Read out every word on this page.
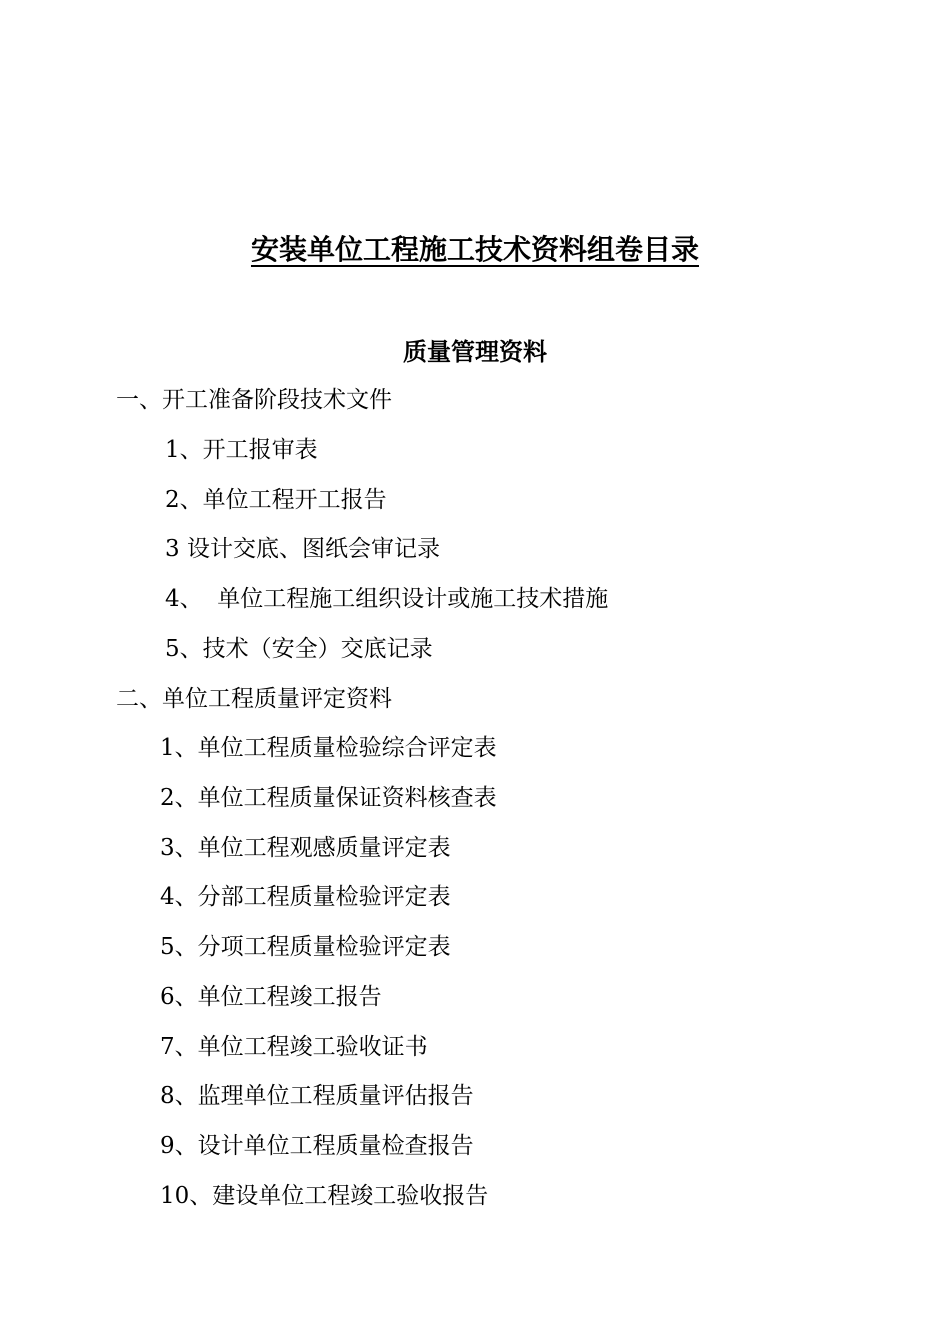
安装单位工程施工技术资料组卷目录
质量管理资料
一、开工准备阶段技术文件
1、开工报审表
2、单位工程开工报告
3 设计交底、图纸会审记录
4、  单位工程施工组织设计或施工技术措施
5、技术（安全）交底记录
二、单位工程质量评定资料
1、单位工程质量检验综合评定表
2、单位工程质量保证资料核查表
3、单位工程观感质量评定表
4、分部工程质量检验评定表
5、分项工程质量检验评定表
6、单位工程竣工报告
7、单位工程竣工验收证书
8、监理单位工程质量评估报告
9、设计单位工程质量检查报告
10、建设单位工程竣工验收报告
